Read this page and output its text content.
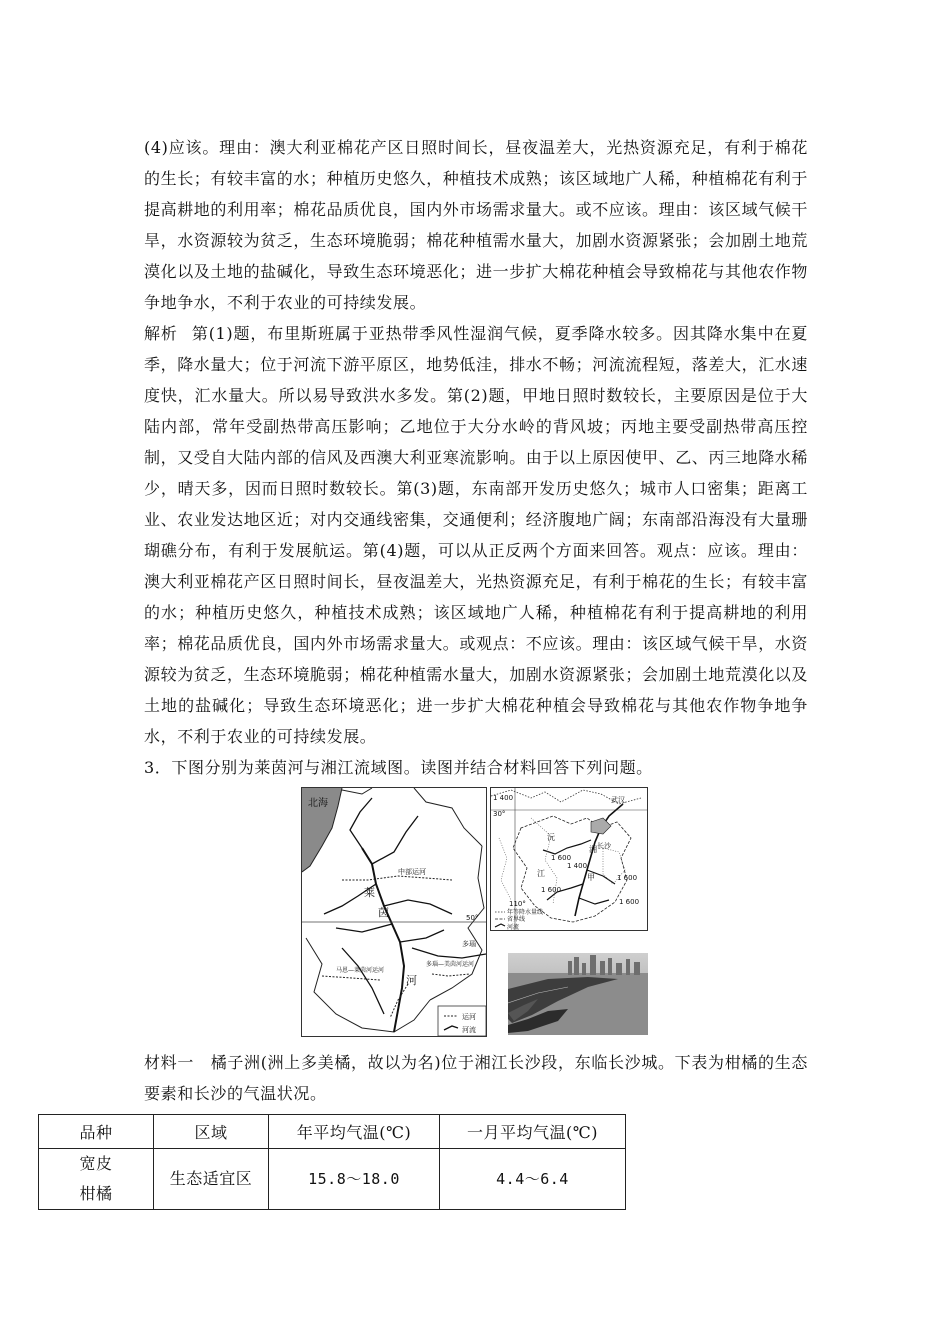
(4)应该。理由：澳大利亚棉花产区日照时间长，昼夜温差大，光热资源充足，有利于棉花的生长；有较丰富的水；种植历史悠久，种植技术成熟；该区域地广人稀，种植棉花有利于提高耕地的利用率；棉花品质优良，国内外市场需求量大。或不应该。理由：该区域气候干旱，水资源较为贫乏，生态环境脆弱；棉花种植需水量大，加剧水资源紧张；会加剧土地荒漠化以及土地的盐碱化，导致生态环境恶化；进一步扩大棉花种植会导致棉花与其他农作物争地争水，不利于农业的可持续发展。

解析 第(1)题，布里斯班属于亚热带季风性湿润气候，夏季降水较多。因其降水集中在夏季，降水量大；位于河流下游平原区，地势低洼，排水不畅；河流流程短，落差大，汇水速度快，汇水量大。所以易导致洪水多发。第(2)题，甲地日照时数较长，主要原因是位于大陆内部，常年受副热带高压影响；乙地位于大分水岭的背风坡；丙地主要受副热带高压控制，又受自大陆内部的信风及西澳大利亚寒流影响。由于以上原因使甲、乙、丙三地降水稀少，晴天多，因而日照时数较长。第(3)题，东南部开发历史悠久；城市人口密集；距离工业、农业发达地区近；对内交通线密集，交通便利；经济腹地广阔；东南部沿海没有大量珊瑚礁分布，有利于发展航运。第(4)题，可以从正反两个方面来回答。观点：应该。理由：澳大利亚棉花产区日照时间长，昼夜温差大，光热资源充足，有利于棉花的生长；有较丰富的水；种植历史悠久，种植技术成熟；该区域地广人稀，种植棉花有利于提高耕地的利用率；棉花品质优良，国内外市场需求量大。或观点：不应该。理由：该区域气候干旱，水资源较为贫乏，生态环境脆弱；棉花种植需水量大，加剧水资源紧张；会加剧土地荒漠化以及土地的盐碱化；导致生态环境恶化；进一步扩大棉花种植会导致棉花与其他农作物争地争水，不利于农业的可持续发展。

3．下图分别为莱茵河与湘江流域图。读图并结合材料回答下列问题。

北海
中部运河
莱
茵
河
50°
多瑙
多瑙—美茵河运河
马恩—莱茵河运河
运河
河流
1 400
30°
武汉
沅
1 600
1 400
长沙
江	甲
湘
1 600
1 600
1 600
110°
年等降水量线
省界线
河流

材料一　橘子洲(洲上多美橘，故以为名)位于湘江长沙段，东临长沙城。下表为柑橘的生态要素和长沙的气温状况。

品种	区域	年平均气温(℃)	一月平均气温(℃)

宽皮
柑橘	生态适宜区	15.8～18.0	4.4～6.4
